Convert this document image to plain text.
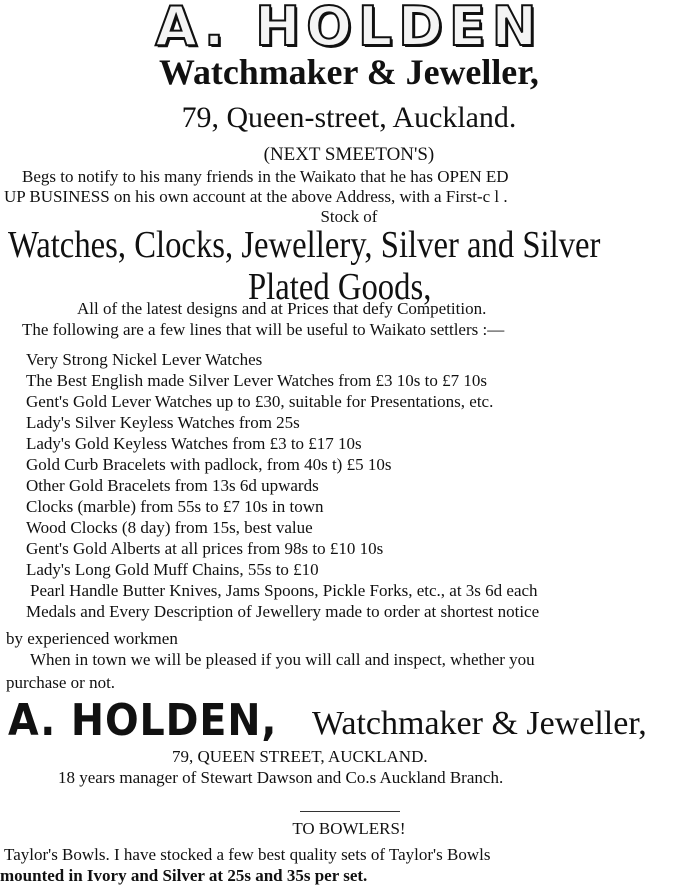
A. HOLDEN
Watchmaker & Jeweller,
79, Queen-street, Auckland.
(NEXT SMEETON'S)
Begs to notify to his many friends in the Waikato that he has OPEN ED
UP BUSINESS on his own account at the above Address, with a First-c l .
Stock of
Watches, Clocks, Jewellery, Silver and Silver
Plated Goods,
All of the latest designs and at Prices that defy Competition.
The following are a few lines that will be useful to Waikato settlers :—
Very Strong Nickel Lever Watches
The Best English made Silver Lever Watches from £3 10s to £7 10s
Gent's Gold Lever Watches up to £30, suitable for Presentations, etc.
Lady's Silver Keyless Watches from 25s
Lady's Gold Keyless Watches from £3 to £17 10s
Gold Curb Bracelets with padlock, from 40s t) £5 10s
Other Gold Bracelets from 13s 6d upwards
Clocks (marble) from 55s to £7 10s in town
Wood Clocks (8 day) from 15s, best value
Gent's Gold Alberts at all prices from 98s to £10 10s
Lady's Long Gold Muff Chains, 55s to £10
Pearl Handle Butter Knives, Jams Spoons, Pickle Forks, etc., at 3s 6d each
Medals and Every Description of Jewellery made to order at shortest notice
by experienced workmen
When in town we will be pleased if you will call and inspect, whether you
purchase or not.
A. HOLDEN, Watchmaker & Jeweller,
79, QUEEN STREET, AUCKLAND.
18 years manager of Stewart Dawson and Co.s Auckland Branch.
TO BOWLERS!
Taylor's Bowls. I have stocked a few best quality sets of Taylor's Bowls
mounted in Ivory and Silver at 25s and 35s per set.
